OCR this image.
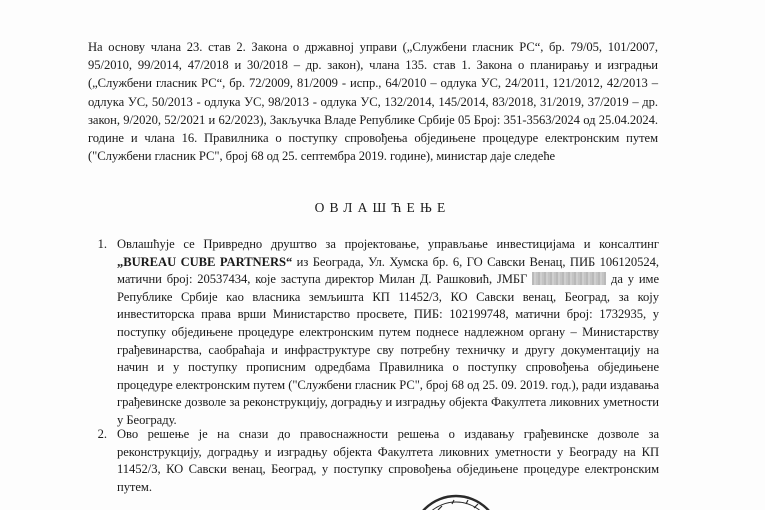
На основу члана 23. став 2. Закона о државној управи („Службени гласник РС“, бр. 79/05, 101/2007, 95/2010, 99/2014, 47/2018 и 30/2018 – др. закон), члана 135. став 1. Закона о планирању и изградњи („Службени гласник РС“, бр. 72/2009, 81/2009 - испр., 64/2010 – одлука УС, 24/2011, 121/2012, 42/2013 – одлука УС, 50/2013 - одлука УС, 98/2013 - одлука УС, 132/2014, 145/2014, 83/2018, 31/2019, 37/2019 – др. закон, 9/2020, 52/2021 и 62/2023), Закључка Владе Републике Србије 05 Број: 351-3563/2024 од 25.04.2024. године и члана 16. Правилника о поступку спровођења обједињене процедуре електронским путем ("Службени гласник РС", број 68 од 25. септембра 2019. године), министар даје следеће

ОВЛАШЋЕЊЕ
1. Овлашћује се Привредно друштво за пројектовање, управљање инвестицијама и консалтинг „BUREAU CUBE PARTNERS“ из Београда, Ул. Хумска бр. 6, ГО Савски Венац, ПИБ 106120524, матични број: 20537434, које заступа директор Милан Д. Рашковић, ЈМБГ	да у име Републике Србије као власника земљишта КП 11452/3, КО Савски венац, Београд, за коју инвеститорска права врши Министарство просвете, ПИБ: 102199748, матични број: 1732935, у поступку обједињене процедуре електронским путем поднесе надлежном органу – Министарству грађевинарства, саобраћаја и инфраструктуре сву потребну техничку и другу документацију на начин и у поступку прописним одредбама Правилника о поступку спровођења обједињене процедуре електронским путем ("Службени гласник РС", број 68 од 25. 09. 2019. год.), ради издавања грађевинске дозволе за реконструкцију, доградњу и изградњу објекта Факултета ликовних уметности у Београду.
2. Ово решење је на снази до правоснажности решења о издавању грађевинске дозволе за реконструкцију, доградњу и изградњу објекта Факултета ликовних уметности у Београду на КП 11452/3, КО Савски венац, Београд, у поступку спровођења обједињене процедуре електронским путем.
